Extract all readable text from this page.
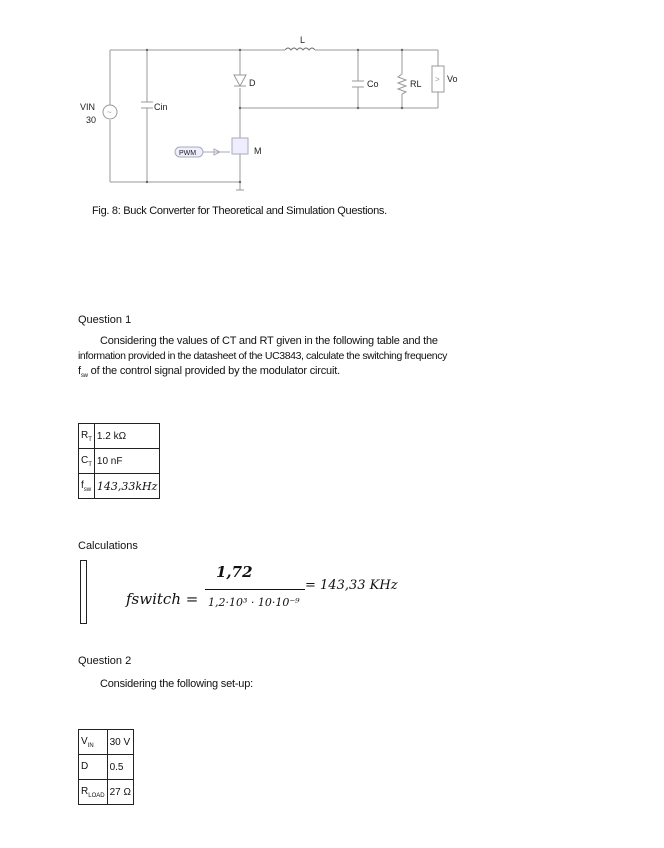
~
>
L
D	Co	RL	Vo
VIN
30
Cin
PWM	M
Fig. 8: Buck Converter for Theoretical and Simulation Questions.
Question 1
Considering the values of CT and RT given in the following table and the
information provided in the datasheet of the UC3843, calculate the switching frequency
$f_{sw}$ of the control signal provided by the modulator circuit.
$R_T$	1.2 kΩ
$C_T$	10 nF
$f_{sw}$	143,33kHz
Calculations
fswitch =
1,72
1,2·10³ · 10·10⁻⁹
= 143,33 KHz
Question 2
Considering the following set-up:
$V_{IN}$	30 V
D	0.5
$R_{LOAD}$	27 Ω
